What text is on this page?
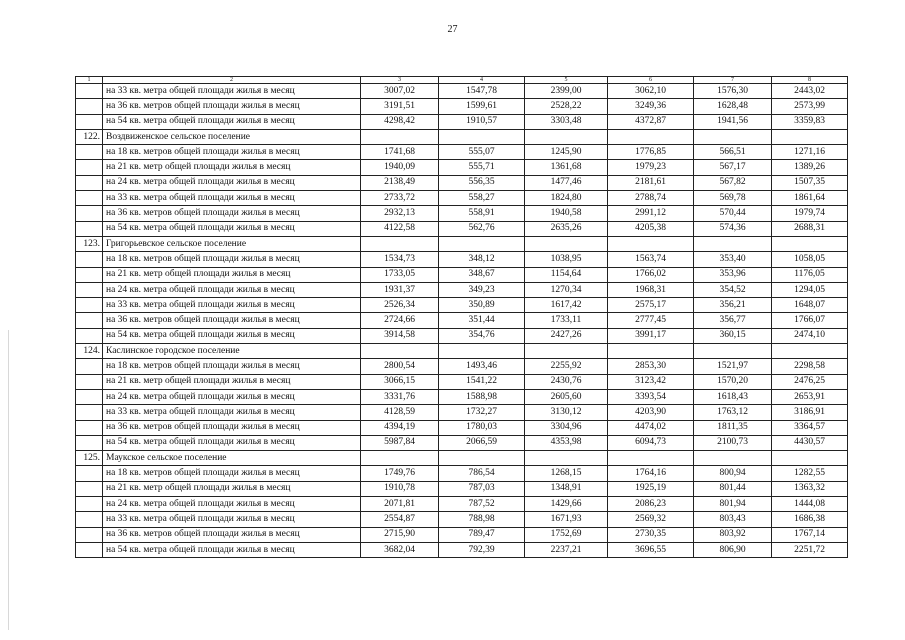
27
1	2	3	4	5	6	7	8
	на 33 кв. метра общей площади жилья в месяц	3007,02	1547,78	2399,00	3062,10	1576,30	2443,02
	на 36 кв. метров общей площади жилья в месяц	3191,51	1599,61	2528,22	3249,36	1628,48	2573,99
	на 54 кв. метра общей площади жилья в месяц	4298,42	1910,57	3303,48	4372,87	1941,56	3359,83
122.	Воздвиженское сельское поселение						
	на 18 кв. метров общей площади жилья в месяц	1741,68	555,07	1245,90	1776,85	566,51	1271,16
	на 21 кв. метр общей площади жилья в месяц	1940,09	555,71	1361,68	1979,23	567,17	1389,26
	на 24 кв. метра общей площади жилья в месяц	2138,49	556,35	1477,46	2181,61	567,82	1507,35
	на 33 кв. метра общей площади жилья в месяц	2733,72	558,27	1824,80	2788,74	569,78	1861,64
	на 36 кв. метров общей площади жилья в месяц	2932,13	558,91	1940,58	2991,12	570,44	1979,74
	на 54 кв. метра общей площади жилья в месяц	4122,58	562,76	2635,26	4205,38	574,36	2688,31
123.	Григорьевское сельское поселение						
	на 18 кв. метров общей площади жилья в месяц	1534,73	348,12	1038,95	1563,74	353,40	1058,05
	на 21 кв. метр общей площади жилья в месяц	1733,05	348,67	1154,64	1766,02	353,96	1176,05
	на 24 кв. метра общей площади жилья в месяц	1931,37	349,23	1270,34	1968,31	354,52	1294,05
	на 33 кв. метра общей площади жилья в месяц	2526,34	350,89	1617,42	2575,17	356,21	1648,07
	на 36 кв. метров общей площади жилья в месяц	2724,66	351,44	1733,11	2777,45	356,77	1766,07
	на 54 кв. метра общей площади жилья в месяц	3914,58	354,76	2427,26	3991,17	360,15	2474,10
124.	Каслинское городское поселение						
	на 18 кв. метров общей площади жилья в месяц	2800,54	1493,46	2255,92	2853,30	1521,97	2298,58
	на 21 кв. метр общей площади жилья в месяц	3066,15	1541,22	2430,76	3123,42	1570,20	2476,25
	на 24 кв. метра общей площади жилья в месяц	3331,76	1588,98	2605,60	3393,54	1618,43	2653,91
	на 33 кв. метра общей площади жилья в месяц	4128,59	1732,27	3130,12	4203,90	1763,12	3186,91
	на 36 кв. метров общей площади жилья в месяц	4394,19	1780,03	3304,96	4474,02	1811,35	3364,57
	на 54 кв. метра общей площади жилья в месяц	5987,84	2066,59	4353,98	6094,73	2100,73	4430,57
125.	Маукское сельское поселение						
	на 18 кв. метров общей площади жилья в месяц	1749,76	786,54	1268,15	1764,16	800,94	1282,55
	на 21 кв. метр общей площади жилья в месяц	1910,78	787,03	1348,91	1925,19	801,44	1363,32
	на 24 кв. метра общей площади жилья в месяц	2071,81	787,52	1429,66	2086,23	801,94	1444,08
	на 33 кв. метра общей площади жилья в месяц	2554,87	788,98	1671,93	2569,32	803,43	1686,38
	на 36 кв. метров общей площади жилья в месяц	2715,90	789,47	1752,69	2730,35	803,92	1767,14
	на 54 кв. метра общей площади жилья в месяц	3682,04	792,39	2237,21	3696,55	806,90	2251,72
